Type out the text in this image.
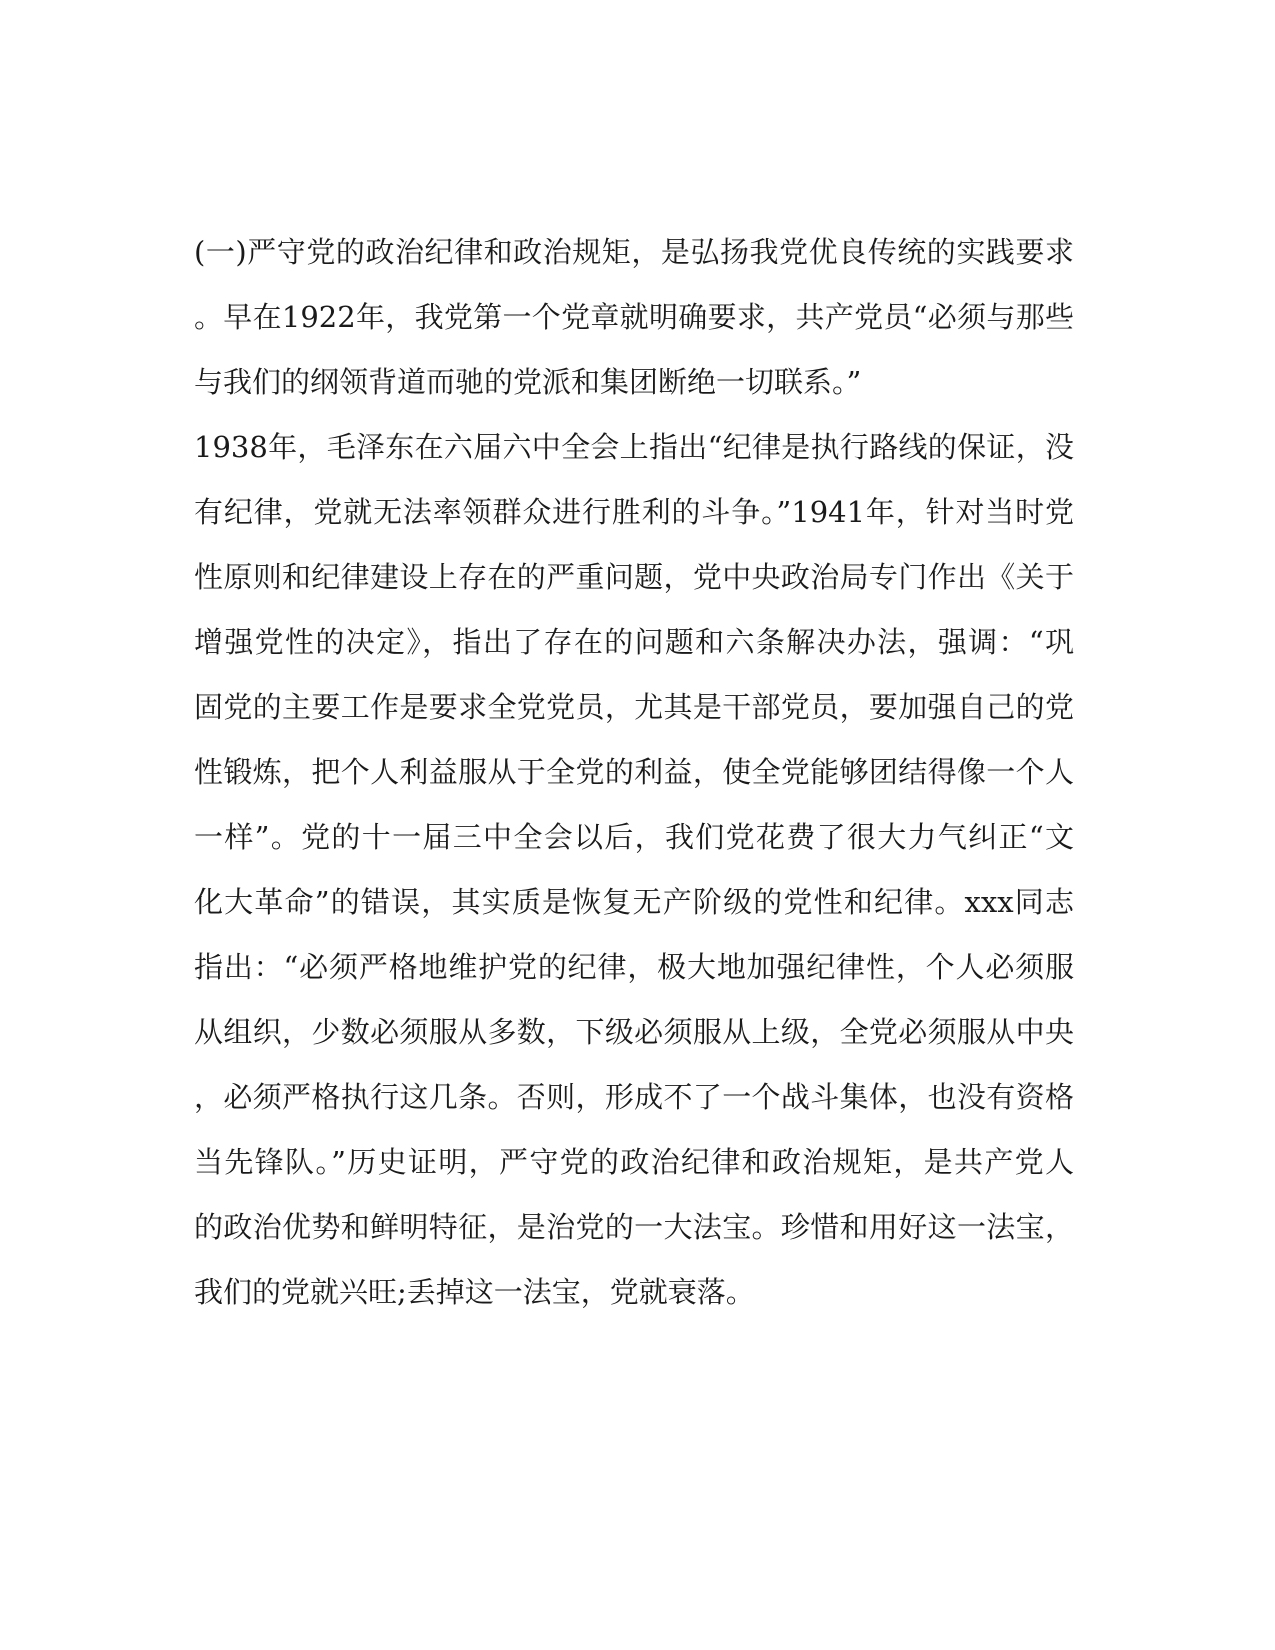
(一)严守党的政治纪律和政治规矩，是弘扬我党优良传统的实践要求
。早在1922年，我党第一个党章就明确要求，共产党员“必须与那些
与我们的纲领背道而驰的党派和集团断绝一切联系。”
1938年，毛泽东在六届六中全会上指出“纪律是执行路线的保证，没
有纪律，党就无法率领群众进行胜利的斗争。”1941年，针对当时党
性原则和纪律建设上存在的严重问题，党中央政治局专门作出《关于
增强党性的决定》，指出了存在的问题和六条解决办法，强调：“巩
固党的主要工作是要求全党党员，尤其是干部党员，要加强自己的党
性锻炼，把个人利益服从于全党的利益，使全党能够团结得像一个人
一样”。党的十一届三中全会以后，我们党花费了很大力气纠正“文
化大革命”的错误，其实质是恢复无产阶级的党性和纪律。xxx同志
指出：“必须严格地维护党的纪律，极大地加强纪律性，个人必须服
从组织，少数必须服从多数，下级必须服从上级，全党必须服从中央
，必须严格执行这几条。否则，形成不了一个战斗集体，也没有资格
当先锋队。”历史证明，严守党的政治纪律和政治规矩，是共产党人
的政治优势和鲜明特征，是治党的一大法宝。珍惜和用好这一法宝，
我们的党就兴旺;丢掉这一法宝，党就衰落。
